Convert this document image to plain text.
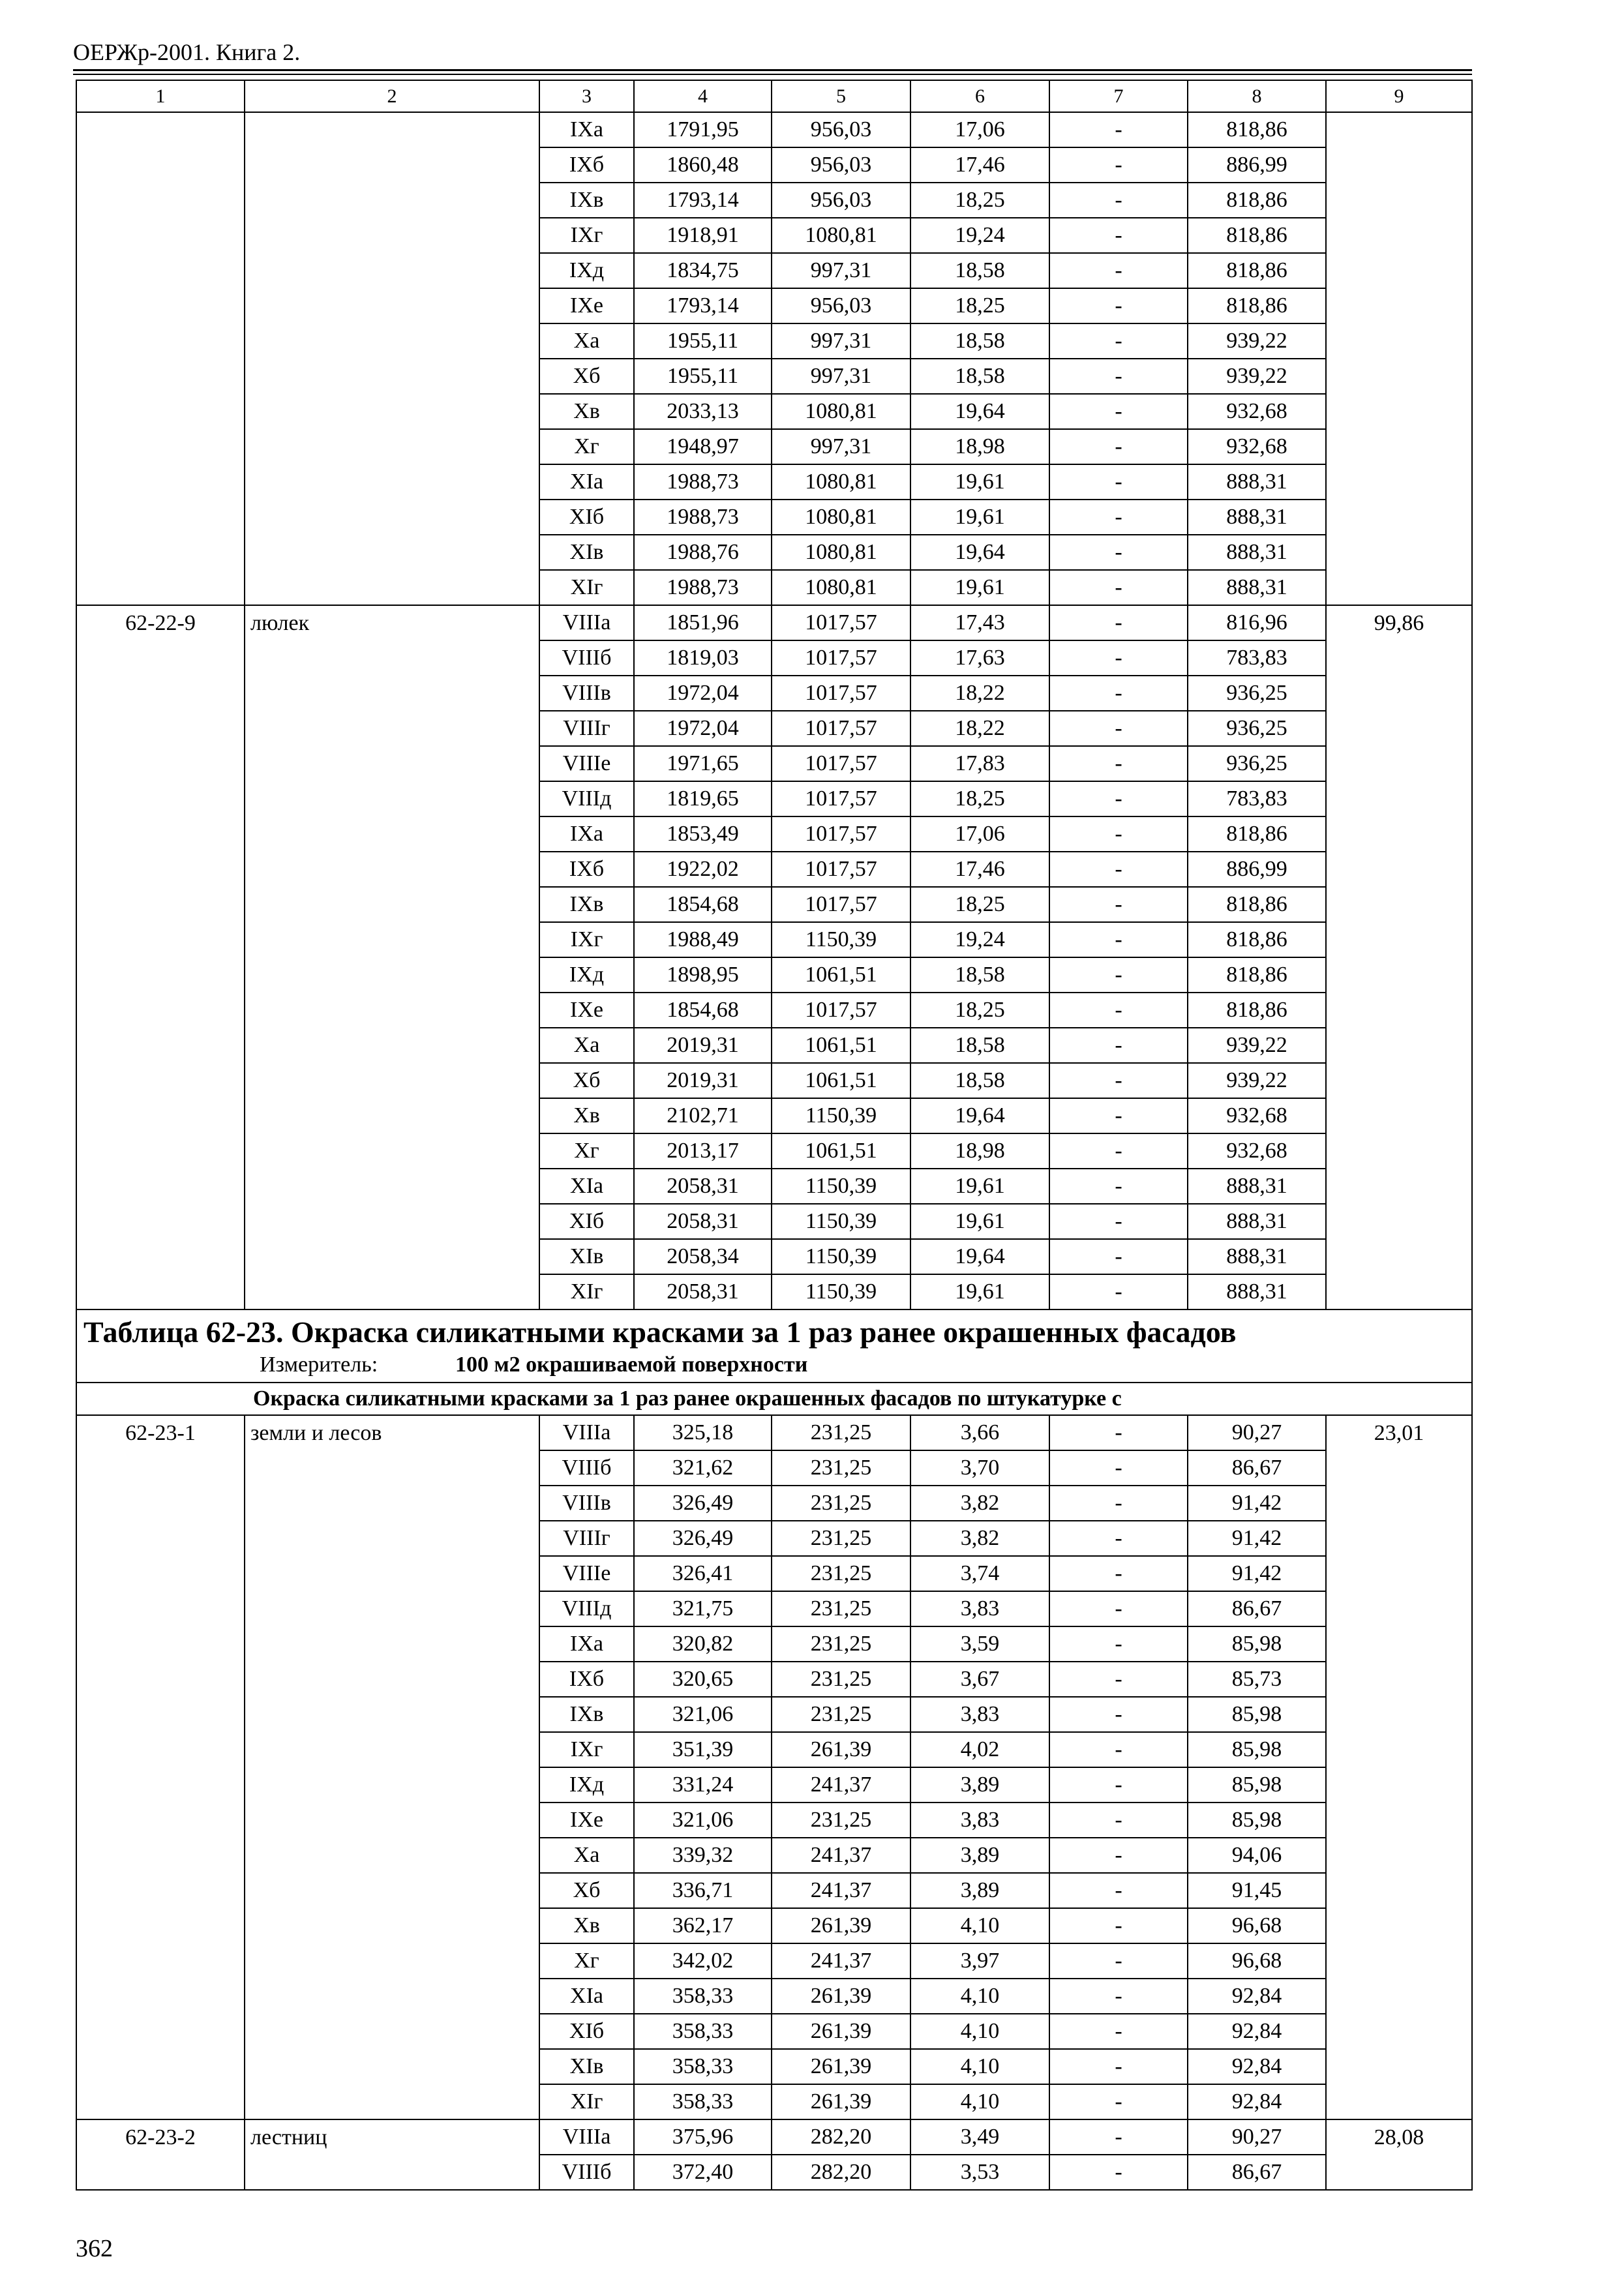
ОЕРЖр-2001. Книга 2.
1	2	3	4	5	6	7	8	9
		IXa	1791,95	956,03	17,06	-	818,86	
		IXб	1860,48	956,03	17,46	-	886,99	
		IXв	1793,14	956,03	18,25	-	818,86	
		IXг	1918,91	1080,81	19,24	-	818,86	
		IXд	1834,75	997,31	18,58	-	818,86	
		IXе	1793,14	956,03	18,25	-	818,86	
		Xa	1955,11	997,31	18,58	-	939,22	
		Xб	1955,11	997,31	18,58	-	939,22	
		Xв	2033,13	1080,81	19,64	-	932,68	
		Xг	1948,97	997,31	18,98	-	932,68	
		XIa	1988,73	1080,81	19,61	-	888,31	
		XIб	1988,73	1080,81	19,61	-	888,31	
		XIв	1988,76	1080,81	19,64	-	888,31	
		XIг	1988,73	1080,81	19,61	-	888,31	
62-22-9	люлек	VIIIa	1851,96	1017,57	17,43	-	816,96	99,86
		VIIIб	1819,03	1017,57	17,63	-	783,83	
		VIIIв	1972,04	1017,57	18,22	-	936,25	
		VIIIг	1972,04	1017,57	18,22	-	936,25	
		VIIIе	1971,65	1017,57	17,83	-	936,25	
		VIIIд	1819,65	1017,57	18,25	-	783,83	
		IXa	1853,49	1017,57	17,06	-	818,86	
		IXб	1922,02	1017,57	17,46	-	886,99	
		IXв	1854,68	1017,57	18,25	-	818,86	
		IXг	1988,49	1150,39	19,24	-	818,86	
		IXд	1898,95	1061,51	18,58	-	818,86	
		IXе	1854,68	1017,57	18,25	-	818,86	
		Xa	2019,31	1061,51	18,58	-	939,22	
		Xб	2019,31	1061,51	18,58	-	939,22	
		Xв	2102,71	1150,39	19,64	-	932,68	
		Xг	2013,17	1061,51	18,98	-	932,68	
		XIa	2058,31	1150,39	19,61	-	888,31	
		XIб	2058,31	1150,39	19,61	-	888,31	
		XIв	2058,34	1150,39	19,64	-	888,31	
		XIг	2058,31	1150,39	19,61	-	888,31	

Таблица 62-23. Окраска силикатными красками за 1 раз ранее окрашенных фасадов
Измеритель: 100 м2 окрашиваемой поверхности								

Окраска силикатными красками за 1 раз ранее окрашенных фасадов по штукатурке с								
62-23-1	земли и лесов	VIIIa	325,18	231,25	3,66	-	90,27	23,01
		VIIIб	321,62	231,25	3,70	-	86,67	
		VIIIв	326,49	231,25	3,82	-	91,42	
		VIIIг	326,49	231,25	3,82	-	91,42	
		VIIIе	326,41	231,25	3,74	-	91,42	
		VIIIд	321,75	231,25	3,83	-	86,67	
		IXa	320,82	231,25	3,59	-	85,98	
		IXб	320,65	231,25	3,67	-	85,73	
		IXв	321,06	231,25	3,83	-	85,98	
		IXг	351,39	261,39	4,02	-	85,98	
		IXд	331,24	241,37	3,89	-	85,98	
		IXе	321,06	231,25	3,83	-	85,98	
		Xa	339,32	241,37	3,89	-	94,06	
		Xб	336,71	241,37	3,89	-	91,45	
		Xв	362,17	261,39	4,10	-	96,68	
		Xг	342,02	241,37	3,97	-	96,68	
		XIa	358,33	261,39	4,10	-	92,84	
		XIб	358,33	261,39	4,10	-	92,84	
		XIв	358,33	261,39	4,10	-	92,84	
		XIг	358,33	261,39	4,10	-	92,84	
62-23-2	лестниц	VIIIa	375,96	282,20	3,49	-	90,27	28,08
		VIIIб	372,40	282,20	3,53	-	86,67	
362
